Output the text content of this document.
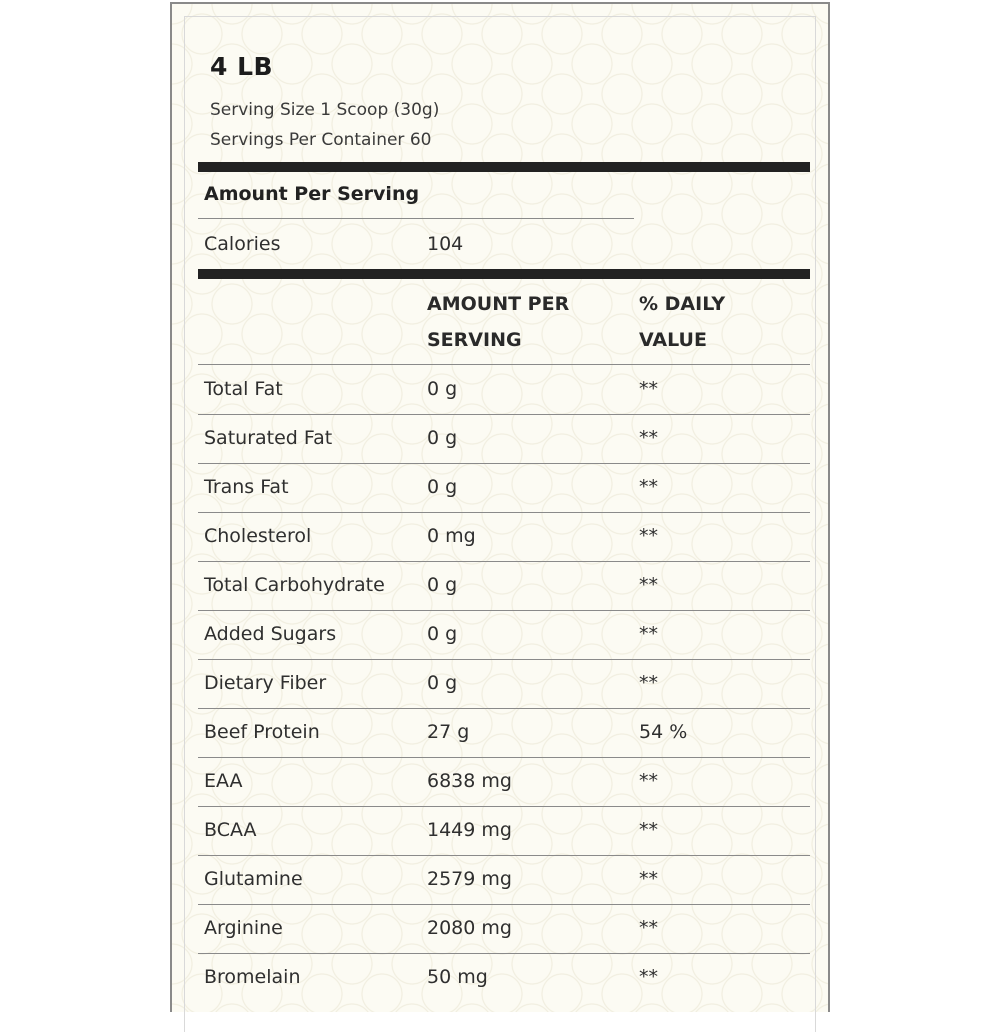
4 LB
Serving Size 1 Scoop (30g)
Servings Per Container 60
Amount Per Serving
Calories	104
AMOUNT PER SERVING
% DAILY VALUE
Total Fat	0 g	**
Saturated Fat	0 g	**
Trans Fat	0 g	**
Cholesterol	0 mg	**
Total Carbohydrate 0 g	**
Added Sugars	0 g	**
Dietary Fiber	0 g	**
Beef Protein	27 g	54 %
EAA	6838 mg	**
BCAA	1449 mg	**
Glutamine	2579 mg	**
Arginine	2080 mg	**
Bromelain	50 mg	**
